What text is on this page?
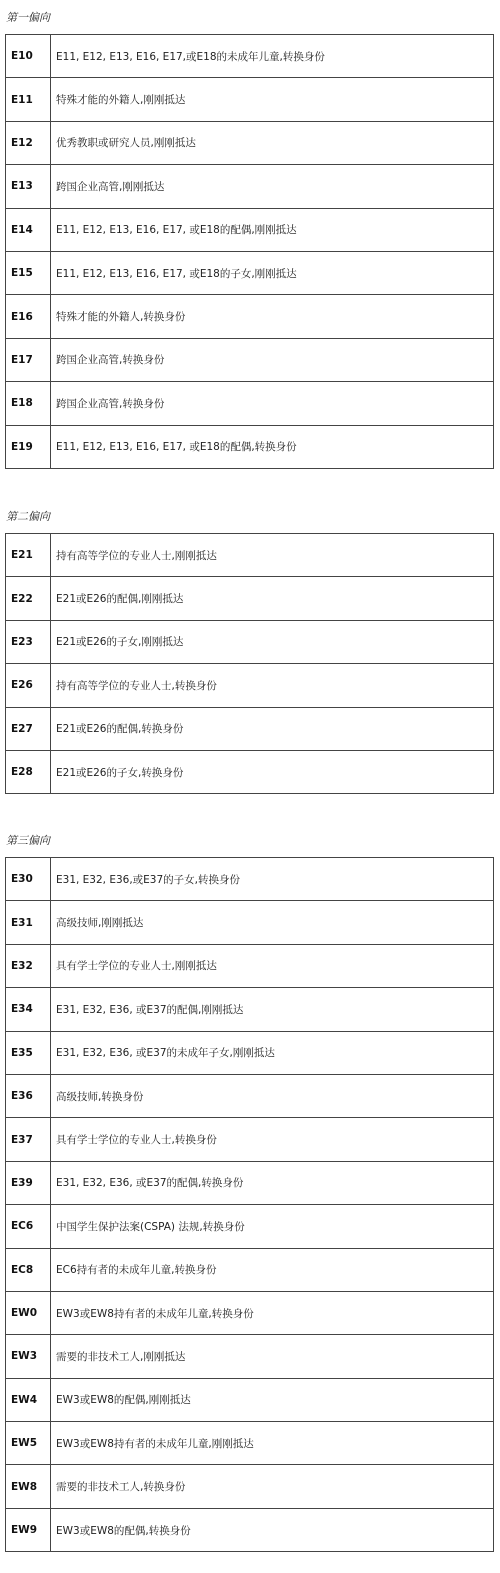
第一偏向
E10	E11, E12, E13, E16, E17,或E18的未成年儿童,转换身份
E11	特殊才能的外籍人,刚刚抵达
E12	优秀教职或研究人员,刚刚抵达
E13	跨国企业高管,刚刚抵达
E14	E11, E12, E13, E16, E17, 或E18的配偶,刚刚抵达
E15	E11, E12, E13, E16, E17, 或E18的子女,刚刚抵达
E16	特殊才能的外籍人,转换身份
E17	跨国企业高管,转换身份
E18	跨国企业高管,转换身份
E19	E11, E12, E13, E16, E17, 或E18的配偶,转换身份
第二偏向
E21	持有高等学位的专业人士,刚刚抵达
E22	E21或E26的配偶,刚刚抵达
E23	E21或E26的子女,刚刚抵达
E26	持有高等学位的专业人士,转换身份
E27	E21或E26的配偶,转换身份
E28	E21或E26的子女,转换身份
第三偏向
E30	E31, E32, E36,或E37的子女,转换身份
E31	高级技师,刚刚抵达
E32	具有学士学位的专业人士,刚刚抵达
E34	E31, E32, E36, 或E37的配偶,刚刚抵达
E35	E31, E32, E36, 或E37的未成年子女,刚刚抵达
E36	高级技师,转换身份
E37	具有学士学位的专业人士,转换身份
E39	E31, E32, E36, 或E37的配偶,转换身份
EC6	中国学生保护法案(CSPA) 法规,转换身份
EC8	EC6持有者的未成年儿童,转换身份
EW0	EW3或EW8持有者的未成年儿童,转换身份
EW3	需要的非技术工人,刚刚抵达
EW4	EW3或EW8的配偶,刚刚抵达
EW5	EW3或EW8持有者的未成年儿童,刚刚抵达
EW8	需要的非技术工人,转换身份
EW9	EW3或EW8的配偶,转换身份
